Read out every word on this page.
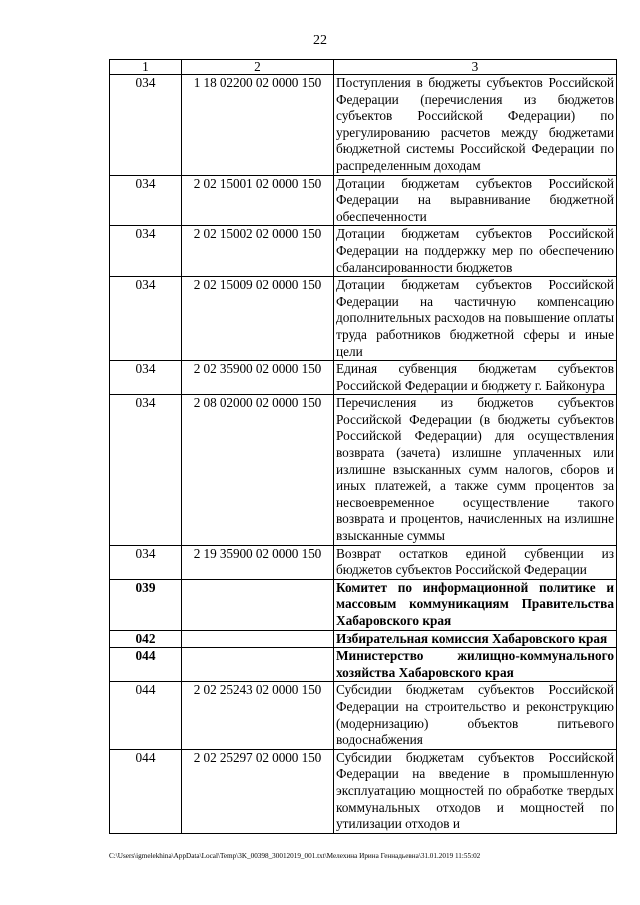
22
1	2	3
034	1 18 02200 02 0000 150	Поступления в бюджеты субъектов Российской Федерации (перечисления из бюджетов субъектов Российской Федерации) по урегулированию расчетов между бюджетами бюджетной системы Российской Федерации по распределенным доходам
034	2 02 15001 02 0000 150	Дотации бюджетам субъектов Российской Федерации на выравнивание бюджетной обеспеченности
034	2 02 15002 02 0000 150	Дотации бюджетам субъектов Российской Федерации на поддержку мер по обеспечению сбалансированности бюджетов
034	2 02 15009 02 0000 150	Дотации бюджетам субъектов Российской Федерации на частичную компенсацию дополнительных расходов на повышение оплаты труда работников бюджетной сферы и иные цели
034	2 02 35900 02 0000 150	Единая субвенция бюджетам субъектов Российской Федерации и бюджету г. Байконура
034	2 08 02000 02 0000 150	Перечисления из бюджетов субъектов Российской Федерации (в бюджеты субъектов Российской Федерации) для осуществления возврата (зачета) излишне уплаченных или излишне взысканных сумм налогов, сборов и иных платежей, а также сумм процентов за несвоевременное осуществление такого возврата и процентов, начисленных на излишне взысканные суммы
034	2 19 35900 02 0000 150	Возврат остатков единой субвенции из бюджетов субъектов Российской Федерации
039		Комитет по информационной политике и массовым коммуникациям Правительства Хабаровского края
042		Избирательная комиссия Хабаровского края
044		Министерство жилищно-коммунального хозяйства Хабаровского края
044	2 02 25243 02 0000 150	Субсидии бюджетам субъектов Российской Федерации на строительство и реконструкцию (модернизацию) объектов питьевого водоснабжения
044	2 02 25297 02 0000 150	Субсидии бюджетам субъектов Российской Федерации на введение в промышленную эксплуатацию мощностей по обработке твердых коммунальных отходов и мощностей по утилизации отходов и
C:\Users\igmelekhina\AppData\Local\Temp\3K_00398_30012019_001.txt\Мелехина Ирина Геннадьевна\31.01.2019 11:55:02
